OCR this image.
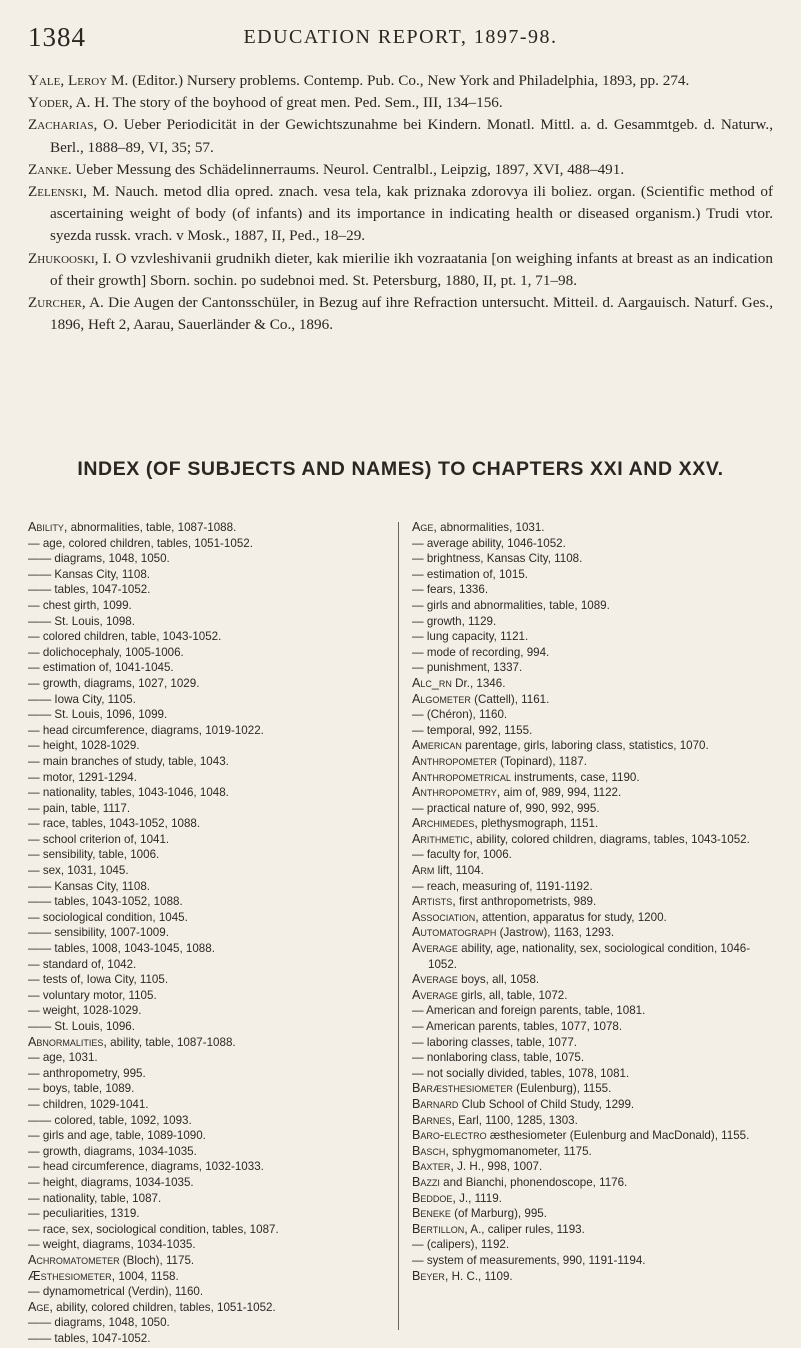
1384	EDUCATION REPORT, 1897-98.

Yale, Leroy M. (Editor.) Nursery problems. Contemp. Pub. Co., New York and Philadelphia, 1893, pp. 274.

Yoder, A. H. The story of the boyhood of great men. Ped. Sem., III, 134–156.

Zacharias, O. Ueber Periodicität in der Gewichtszunahme bei Kindern. Monatl. Mittl. a. d. Gesammtgeb. d. Naturw., Berl., 1888–89, VI, 35; 57.

Zanke. Ueber Messung des Schädelinnerraums. Neurol. Centralbl., Leipzig, 1897, XVI, 488–491.

Zelenski, M. Nauch. metod dlia opred. znach. vesa tela, kak priznaka zdorovya ili boliez. organ. (Scientific method of ascertaining weight of body (of infants) and its importance in indicating health or diseased organism.) Trudi vtor. syezda russk. vrach. v Mosk., 1887, II, Ped., 18–29.

Zhukooski, I. O vzvleshivanii grudnikh dieter, kak mierilie ikh vozraatania [on weighing infants at breast as an indication of their growth] Sborn. sochin. po sudebnoi med. St. Petersburg, 1880, II, pt. 1, 71–98.

Zurcher, A. Die Augen der Cantonsschüler, in Bezug auf ihre Refraction untersucht. Mitteil. d. Aargauisch. Naturf. Ges., 1896, Heft 2, Aarau, Sauerländer & Co., 1896.

INDEX (OF SUBJECTS AND NAMES) TO CHAPTERS XXI AND XXV.
Ability, abnormalities, table, 1087-1088.
— age, colored children, tables, 1051-1052.
—— diagrams, 1048, 1050.
—— Kansas City, 1108.
—— tables, 1047-1052.
— chest girth, 1099.
—— St. Louis, 1098.
— colored children, table, 1043-1052.
— dolichocephaly, 1005-1006.
— estimation of, 1041-1045.
— growth, diagrams, 1027, 1029.
—— Iowa City, 1105.
—— St. Louis, 1096, 1099.
— head circumference, diagrams, 1019-1022.
— height, 1028-1029.
— main branches of study, table, 1043.
— motor, 1291-1294.
— nationality, tables, 1043-1046, 1048.
— pain, table, 1117.
— race, tables, 1043-1052, 1088.
— school criterion of, 1041.
— sensibility, table, 1006.
— sex, 1031, 1045.
—— Kansas City, 1108.
—— tables, 1043-1052, 1088.
— sociological condition, 1045.
—— sensibility, 1007-1009.
—— tables, 1008, 1043-1045, 1088.
— standard of, 1042.
— tests of, Iowa City, 1105.
— voluntary motor, 1105.
— weight, 1028-1029.
—— St. Louis, 1096.
Abnormalities, ability, table, 1087-1088.
— age, 1031.
— anthropometry, 995.
— boys, table, 1089.
— children, 1029-1041.
—— colored, table, 1092, 1093.
— girls and age, table, 1089-1090.
— growth, diagrams, 1034-1035.
— head circumference, diagrams, 1032-1033.
— height, diagrams, 1034-1035.
— nationality, table, 1087.
— peculiarities, 1319.
— race, sex, sociological condition, tables, 1087.
— weight, diagrams, 1034-1035.
Achromatometer (Bloch), 1175.
Æsthesiometer, 1004, 1158.
— dynamometrical (Verdin), 1160.
Age, ability, colored children, tables, 1051-1052.
—— diagrams, 1048, 1050.
—— tables, 1047-1052.
Age, abnormalities, 1031.
— average ability, 1046-1052.
— brightness, Kansas City, 1108.
— estimation of, 1015.
— fears, 1336.
— girls and abnormalities, table, 1089.
— growth, 1129.
— lung capacity, 1121.
— mode of recording, 994.
— punishment, 1337.
Alc_rn Dr., 1346.
Algometer (Cattell), 1161.
— (Chéron), 1160.
— temporal, 992, 1155.
American parentage, girls, laboring class, statistics, 1070.
Anthropometer (Topinard), 1187.
Anthropometrical instruments, case, 1190.
Anthropometry, aim of, 989, 994, 1122.
— practical nature of, 990, 992, 995.
Archimedes, plethysmograph, 1151.
Arithmetic, ability, colored children, diagrams, tables, 1043-1052.
— faculty for, 1006.
Arm lift, 1104.
— reach, measuring of, 1191-1192.
Artists, first anthropometrists, 989.
Association, attention, apparatus for study, 1200.
Automatograph (Jastrow), 1163, 1293.
Average ability, age, nationality, sex, sociological condition, 1046-1052.
Average boys, all, 1058.
Average girls, all, table, 1072.
— American and foreign parents, table, 1081.
— American parents, tables, 1077, 1078.
— laboring classes, table, 1077.
— nonlaboring class, table, 1075.
— not socially divided, tables, 1078, 1081.
Baræsthesiometer (Eulenburg), 1155.
Barnard Club School of Child Study, 1299.
Barnes, Earl, 1100, 1285, 1303.
Baro-electro æsthesiometer (Eulenburg and MacDonald), 1155.
Basch, sphygmomanometer, 1175.
Baxter, J. H., 998, 1007.
Bazzi and Bianchi, phonendoscope, 1176.
Beddoe, J., 1119.
Beneke (of Marburg), 995.
Bertillon, A., caliper rules, 1193.
— (calipers), 1192.
— system of measurements, 990, 1191-1194.
Beyer, H. C., 1109.
